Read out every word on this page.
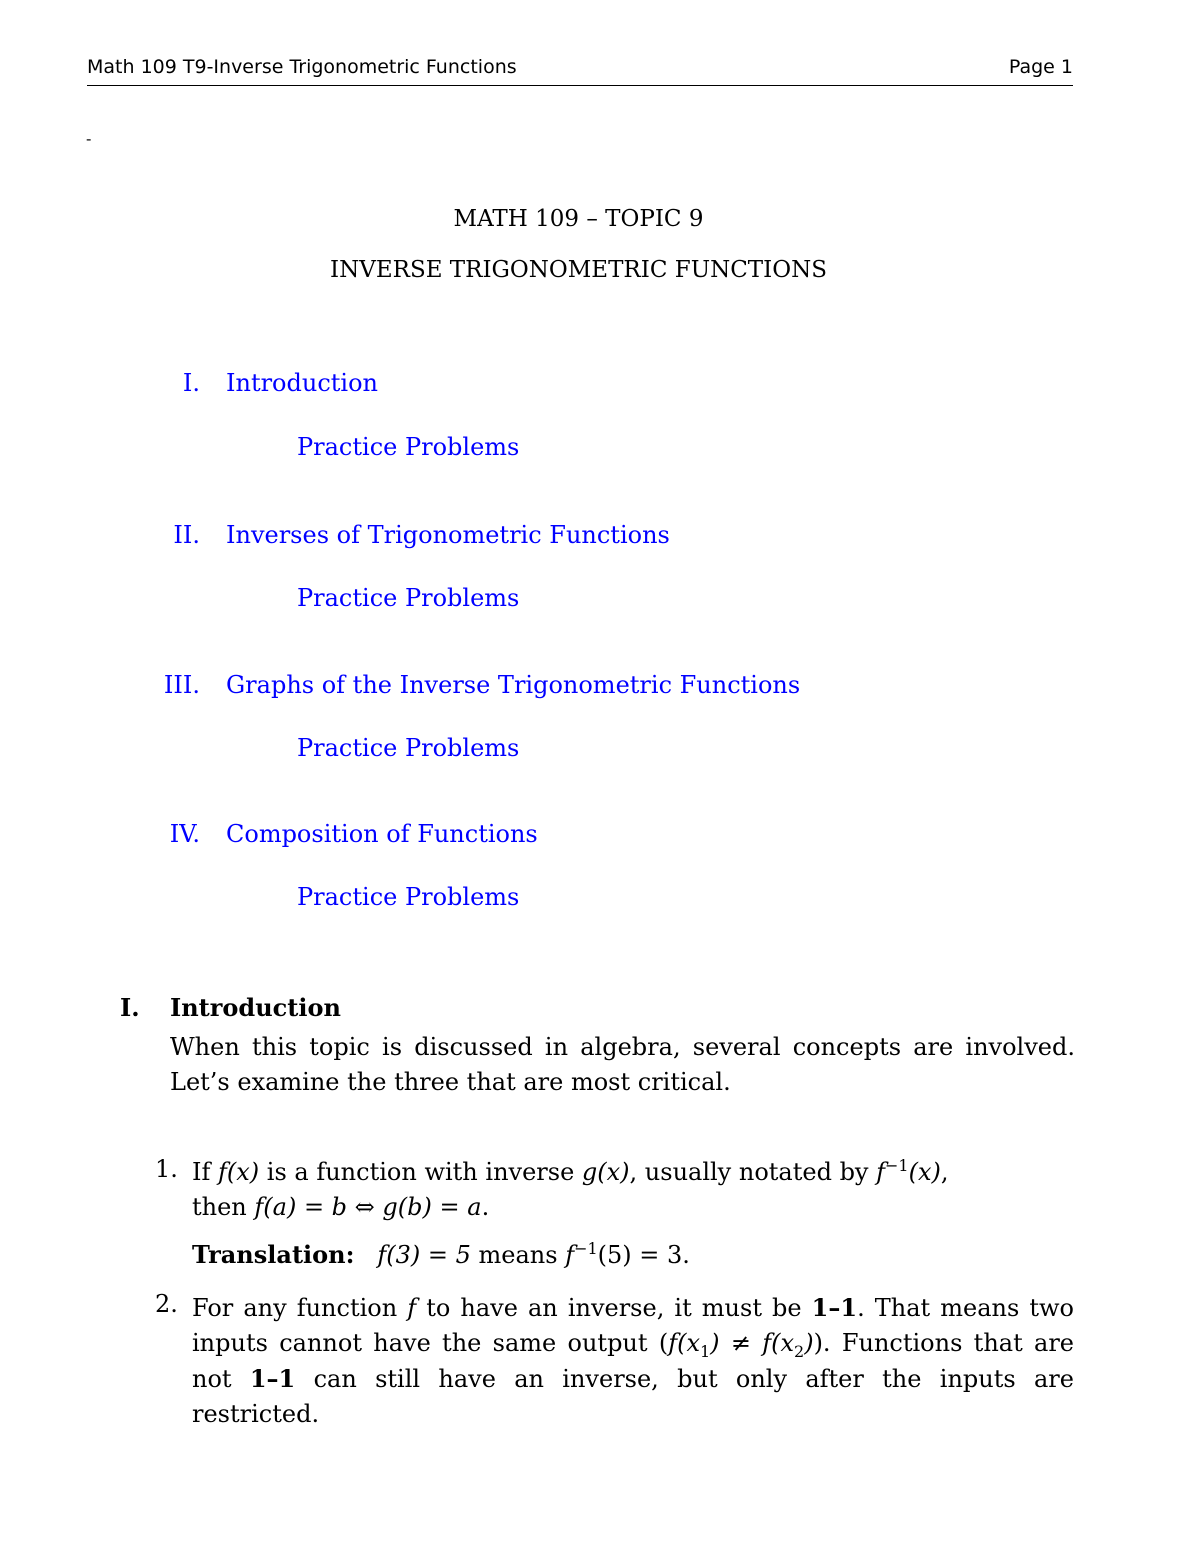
Math 109 T9-Inverse Trigonometric Functions	Page 1
-
MATH 109 – TOPIC 9
INVERSE TRIGONOMETRIC FUNCTIONS
I. Introduction
Practice Problems
II. Inverses of Trigonometric Functions
Practice Problems
III. Graphs of the Inverse Trigonometric Functions
Practice Problems
IV. Composition of Functions
Practice Problems
I. Introduction
When this topic is discussed in algebra, several concepts are involved. Let’s examine the three that are most critical.
1. If f(x) is a function with inverse g(x), usually notated by $f^{-1}(x)$,
then f(a) = b ⇔ g(b) = a.
Translation: f(3) = 5 means $f^{-1}(5) = 3$.
2. For any function f to have an inverse, it must be 1–1. That means two inputs cannot have the same output $(f(x_1) \ne f(x_2))$. Functions that are not 1–1 can still have an inverse, but only after the inputs are restricted.
